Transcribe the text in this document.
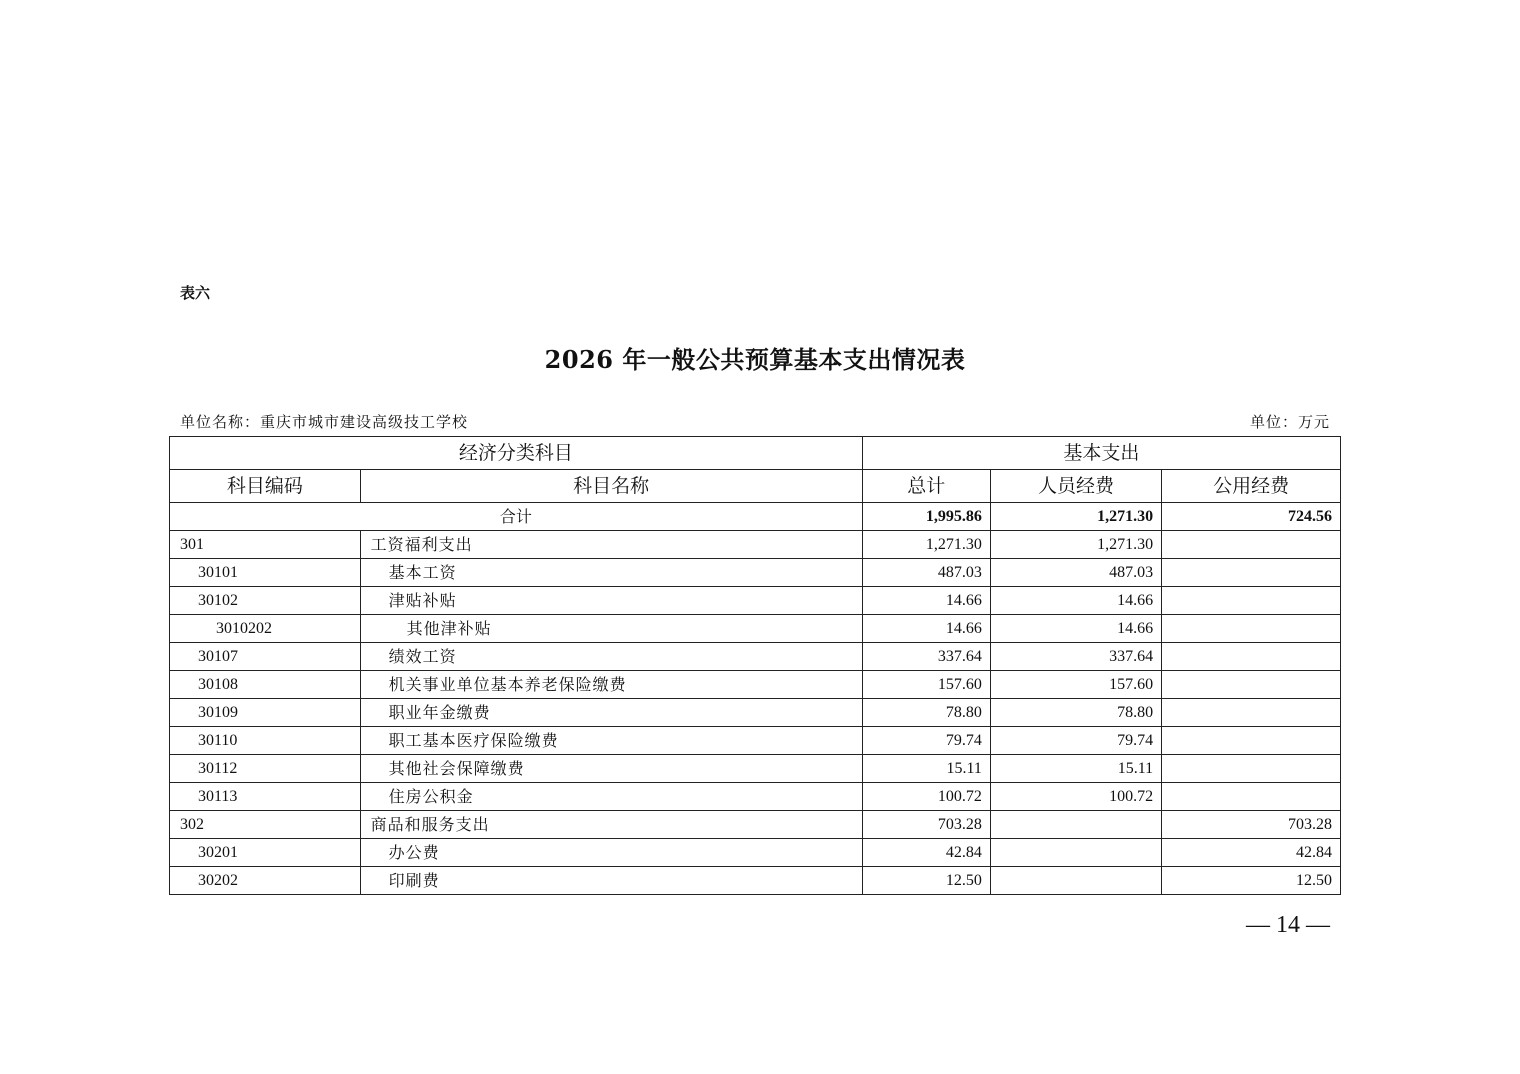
表六
2026 年一般公共预算基本支出情况表
单位名称：重庆市城市建设高级技工学校	单位：万元
经济分类科目		基本支出		
科目编码	科目名称	总计	人员经费	公用经费
合计		1,995.86	1,271.30	724.56
301	工资福利支出	1,271.30	1,271.30	
30101	基本工资	487.03	487.03	
30102	津贴补贴	14.66	14.66	
3010202	其他津补贴	14.66	14.66	
30107	绩效工资	337.64	337.64	
30108	机关事业单位基本养老保险缴费	157.60	157.60	
30109	职业年金缴费	78.80	78.80	
30110	职工基本医疗保险缴费	79.74	79.74	
30112	其他社会保障缴费	15.11	15.11	
30113	住房公积金	100.72	100.72	
302	商品和服务支出	703.28		703.28
30201	办公费	42.84		42.84
30202	印刷费	12.50		12.50
— 14 —
